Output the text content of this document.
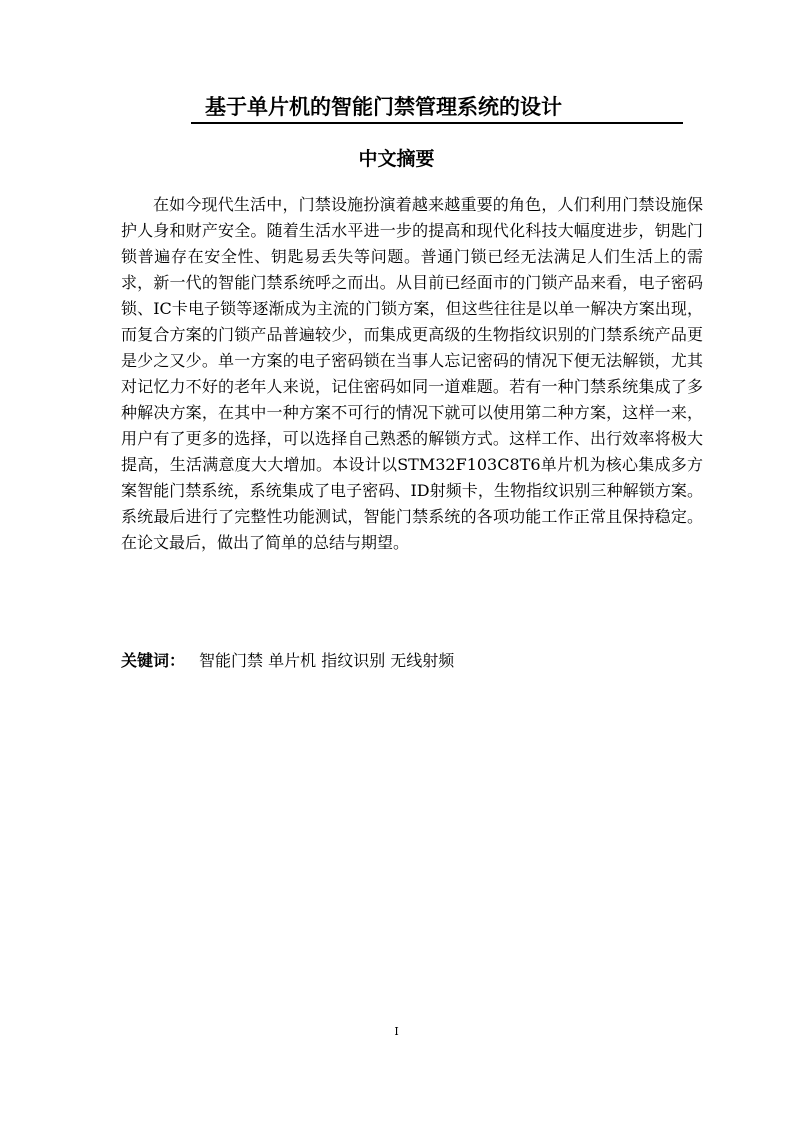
基于单片机的智能门禁管理系统的设计
中文摘要

在如今现代生活中，门禁设施扮演着越来越重要的角色，人们利用门禁设施保护人身和财产安全。随着生活水平进一步的提高和现代化科技大幅度进步，钥匙门锁普遍存在安全性、钥匙易丢失等问题。普通门锁已经无法满足人们生活上的需求，新一代的智能门禁系统呼之而出。从目前已经面市的门锁产品来看，电子密码锁、IC卡电子锁等逐渐成为主流的门锁方案，但这些往往是以单一解决方案出现，而复合方案的门锁产品普遍较少，而集成更高级的生物指纹识别的门禁系统产品更是少之又少。单一方案的电子密码锁在当事人忘记密码的情况下便无法解锁，尤其对记忆力不好的老年人来说，记住密码如同一道难题。若有一种门禁系统集成了多种解决方案，在其中一种方案不可行的情况下就可以使用第二种方案，这样一来，用户有了更多的选择，可以选择自己熟悉的解锁方式。这样工作、出行效率将极大提高，生活满意度大大增加。本设计以STM32F103C8T6单片机为核心集成多方案智能门禁系统，系统集成了电子密码、ID射频卡，生物指纹识别三种解锁方案。系统最后进行了完整性功能测试，智能门禁系统的各项功能工作正常且保持稳定。在论文最后，做出了简单的总结与期望。

关键词： 智能门禁 单片机 指纹识别 无线射频
I
